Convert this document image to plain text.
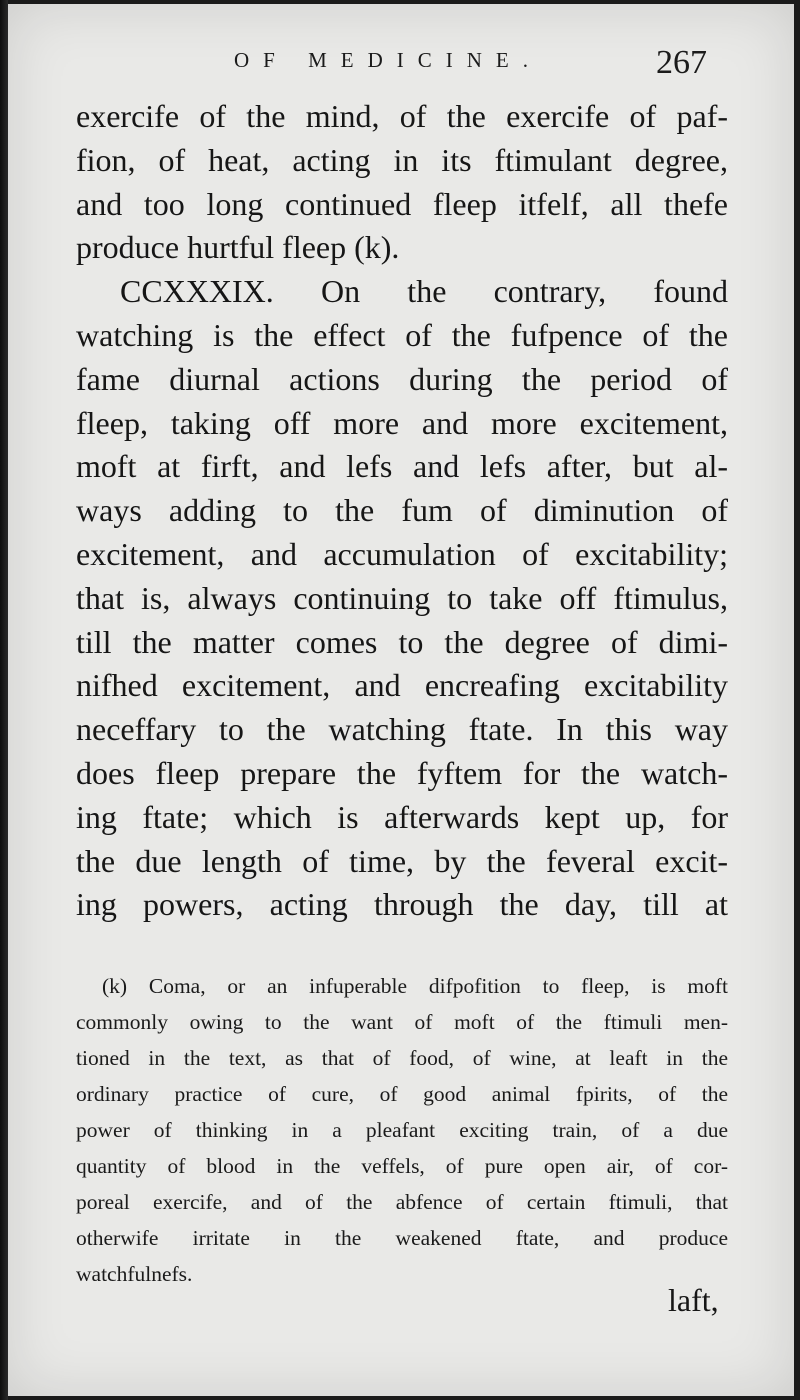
OF MEDICINE.	267
exercife of the mind, of the exercife of paf-
fion, of heat, acting in its ftimulant degree,
and too long continued fleep itfelf, all thefe
produce hurtful fleep (k).
CCXXXIX. On the contrary, found
watching is the effect of the fufpence of the
fame diurnal actions during the period of
fleep, taking off more and more excitement,
moft at firft, and lefs and lefs after, but al-
ways adding to the fum of diminution of
excitement, and accumulation of excitability;
that is, always continuing to take off ftimulus,
till the matter comes to the degree of dimi-
nifhed excitement, and encreafing excitability
neceffary to the watching ftate. In this way
does fleep prepare the fyftem for the watch-
ing ftate; which is afterwards kept up, for
the due length of time, by the feveral excit-
ing powers, acting through the day, till at
(k) Coma, or an infuperable difpofition to fleep, is moft
commonly owing to the want of moft of the ftimuli men-
tioned in the text, as that of food, of wine, at leaft in the
ordinary practice of cure, of good animal fpirits, of the
power of thinking in a pleafant exciting train, of a due
quantity of blood in the veffels, of pure open air, of cor-
poreal exercife, and of the abfence of certain ftimuli, that
otherwife irritate in the weakened ftate, and produce
watchfulnefs.
laft,
